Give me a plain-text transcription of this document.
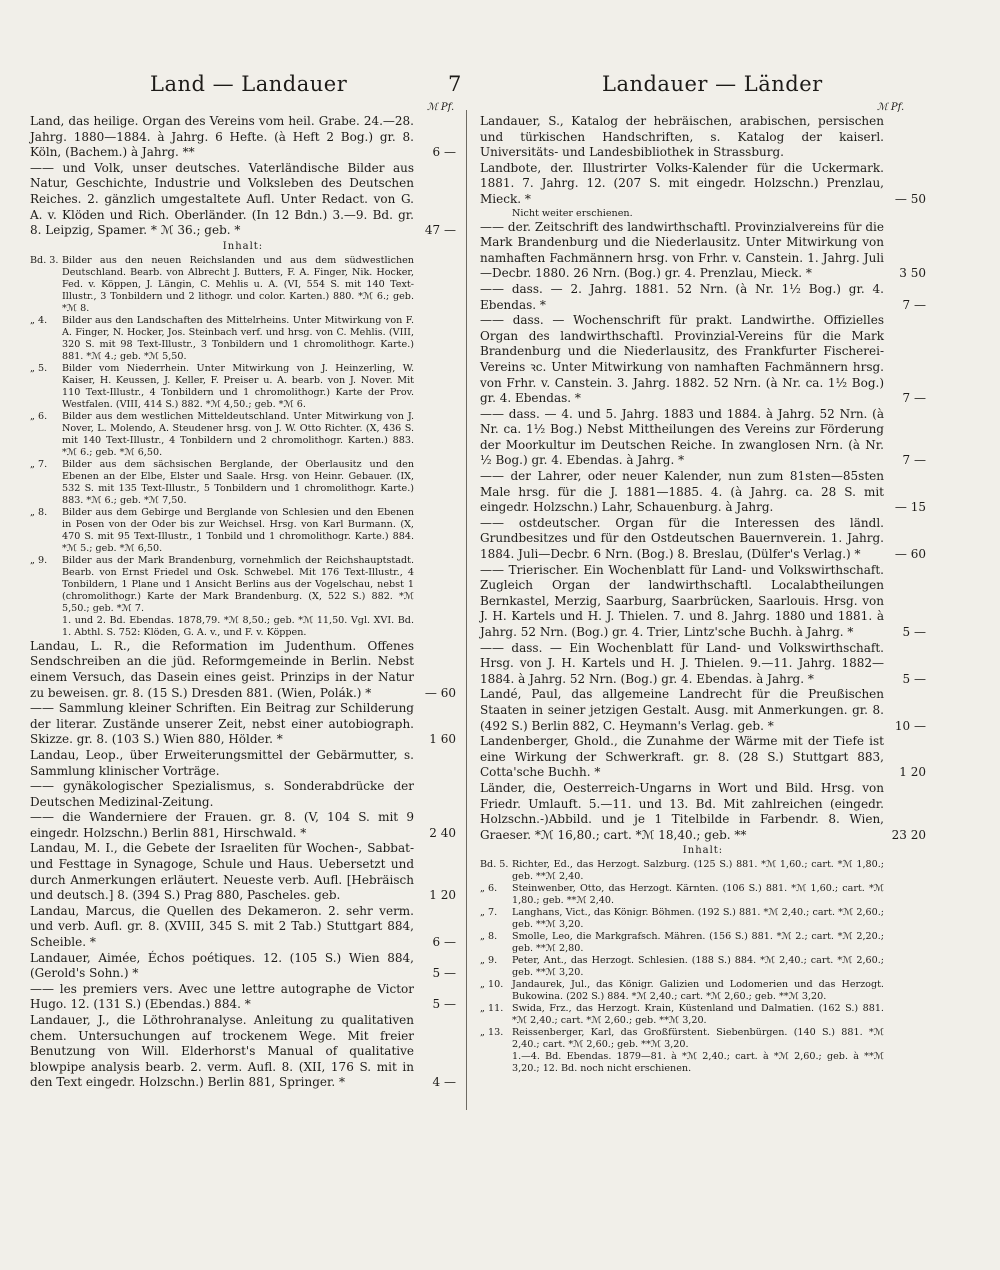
Land — Landauer	7	Landauer — Länder
ℳ Pf.	ℳ Pf.
Land, das heilige. Organ des Vereins vom heil. Grabe. 24.—28. Jahrg. 1880—1884. à Jahrg. 6 Hefte. (à Heft 2 Bog.) gr. 8. Köln, (Bachem.) à Jahrg. **	6 —
—— und Volk, unser deutsches. Vaterländische Bilder aus Natur, Geschichte, Industrie und Volksleben des Deutschen Reiches. 2. gänzlich umgestaltete Aufl. Unter Redact. von G. A. v. Klöden und Rich. Oberländer. (In 12 Bdn.) 3.—9. Bd. gr. 8. Leipzig, Spamer. * ℳ 36.; geb. *	47 —
Inhalt:
Bd. 3. Bilder aus den neuen Reichslanden und aus dem südwestlichen Deutschland. Bearb. von Albrecht J. Butters, F. A. Finger, Nik. Hocker, Fed. v. Köppen, J. Längin, C. Mehlis u. A. (VI, 554 S. mit 140 Text-Illustr., 3 Tonbildern und 2 lithogr. und color. Karten.) 880. *ℳ 6.; geb. *ℳ 8.
„ 4.	Bilder aus den Landschaften des Mittelrheins. Unter Mitwirkung von F. A. Finger, N. Hocker, Jos. Steinbach verf. und hrsg. von C. Mehlis. (VIII, 320 S. mit 98 Text-Illustr., 3 Tonbildern und 1 chromolithogr. Karte.) 881. *ℳ 4.; geb. *ℳ 5,50.
„ 5.	Bilder vom Niederrhein. Unter Mitwirkung von J. Heinzerling, W. Kaiser, H. Keussen, J. Keller, F. Preiser u. A. bearb. von J. Nover. Mit 110 Text-Illustr., 4 Tonbildern und 1 chromolithogr.) Karte der Prov. Westfalen. (VIII, 414 S.) 882. *ℳ 4,50.; geb. *ℳ 6.
„ 6.	Bilder aus dem westlichen Mitteldeutschland. Unter Mitwirkung von J. Nover, L. Molendo, A. Steudener hrsg. von J. W. Otto Richter. (X, 436 S. mit 140 Text-Illustr., 4 Tonbildern und 2 chromolithogr. Karten.) 883. *ℳ 6.; geb. *ℳ 6,50.
„ 7.	Bilder aus dem sächsischen Berglande, der Oberlausitz und den Ebenen an der Elbe, Elster und Saale. Hrsg. von Heinr. Gebauer. (IX, 532 S. mit 135 Text-Illustr., 5 Tonbildern und 1 chromolithogr. Karte.) 883. *ℳ 6.; geb. *ℳ 7,50.
„ 8.	Bilder aus dem Gebirge und Berglande von Schlesien und den Ebenen in Posen von der Oder bis zur Weichsel. Hrsg. von Karl Burmann. (X, 470 S. mit 95 Text-Illustr., 1 Tonbild und 1 chromolithogr. Karte.) 884. *ℳ 5.; geb. *ℳ 6,50.
„ 9.	Bilder aus der Mark Brandenburg, vornehmlich der Reichshauptstadt. Bearb. von Ernst Friedel und Osk. Schwebel. Mit 176 Text-Illustr., 4 Tonbildern, 1 Plane und 1 Ansicht Berlins aus der Vogelschau, nebst 1 (chromolithogr.) Karte der Mark Brandenburg. (X, 522 S.) 882. *ℳ 5,50.; geb. *ℳ 7.
1. und 2. Bd. Ebendas. 1878,79. *ℳ 8,50.; geb. *ℳ 11,50. Vgl. XVI. Bd. 1. Abthl. S. 752: Klöden, G. A. v., und F. v. Köppen.
Landau, L. R., die Reformation im Judenthum. Offenes Sendschreiben an die jüd. Reformgemeinde in Berlin. Nebst einem Versuch, das Dasein eines geist. Prinzips in der Natur zu beweisen. gr. 8. (15 S.) Dresden 881. (Wien, Polák.) *	— 60
—— Sammlung kleiner Schriften. Ein Beitrag zur Schilderung der literar. Zustände unserer Zeit, nebst einer autobiograph. Skizze. gr. 8. (103 S.) Wien 880, Hölder. *	1 60
Landau, Leop., über Erweiterungsmittel der Gebärmutter, s. Sammlung klinischer Vorträge.
—— gynäkologischer Spezialismus, s. Sonderabdrücke der Deutschen Medizinal-Zeitung.
—— die Wanderniere der Frauen. gr. 8. (V, 104 S. mit 9 eingedr. Holzschn.) Berlin 881, Hirschwald. *	2 40
Landau, M. I., die Gebete der Israeliten für Wochen-, Sabbat- und Festtage in Synagoge, Schule und Haus. Uebersetzt und durch Anmerkungen erläutert. Neueste verb. Aufl. [Hebräisch und deutsch.] 8. (394 S.) Prag 880, Pascheles. geb.	1 20
Landau, Marcus, die Quellen des Dekameron. 2. sehr verm. und verb. Aufl. gr. 8. (XVIII, 345 S. mit 2 Tab.) Stuttgart 884, Scheible. *	6 —
Landauer, Aimée, Échos poétiques. 12. (105 S.) Wien 884, (Gerold's Sohn.) *	5 —
—— les premiers vers. Avec une lettre autographe de Victor Hugo. 12. (131 S.) (Ebendas.) 884. *	5 —
Landauer, J., die Löthrohranalyse. Anleitung zu qualitativen chem. Untersuchungen auf trockenem Wege. Mit freier Benutzung von Will. Elderhorst's Manual of qualitative blowpipe analysis bearb. 2. verm. Aufl. 8. (XII, 176 S. mit in den Text eingedr. Holzschn.) Berlin 881, Springer. *	4 —
Landauer, S., Katalog der hebräischen, arabischen, persischen und türkischen Handschriften, s. Katalog der kaiserl. Universitäts- und Landesbibliothek in Strassburg.
Landbote, der. Illustrirter Volks-Kalender für die Uckermark. 1881. 7. Jahrg. 12. (207 S. mit eingedr. Holzschn.) Prenzlau, Mieck. *	— 50
Nicht weiter erschienen.
—— der. Zeitschrift des landwirthschaftl. Provinzialvereins für die Mark Brandenburg und die Niederlausitz. Unter Mitwirkung von namhaften Fachmännern hrsg. von Frhr. v. Canstein. 1. Jahrg. Juli—Decbr. 1880. 26 Nrn. (Bog.) gr. 4. Prenzlau, Mieck. *	3 50
—— dass. — 2. Jahrg. 1881. 52 Nrn. (à Nr. 1½ Bog.) gr. 4. Ebendas. *	7 —
—— dass. — Wochenschrift für prakt. Landwirthe. Offizielles Organ des landwirthschaftl. Provinzial-Vereins für die Mark Brandenburg und die Niederlausitz, des Frankfurter Fischerei-Vereins ꝛc. Unter Mitwirkung von namhaften Fachmännern hrsg. von Frhr. v. Canstein. 3. Jahrg. 1882. 52 Nrn. (à Nr. ca. 1½ Bog.) gr. 4. Ebendas. *	7 —
—— dass. — 4. und 5. Jahrg. 1883 und 1884. à Jahrg. 52 Nrn. (à Nr. ca. 1½ Bog.) Nebst Mittheilungen des Vereins zur Förderung der Moorkultur im Deutschen Reiche. In zwanglosen Nrn. (à Nr. ½ Bog.) gr. 4. Ebendas. à Jahrg. *	7 —
—— der Lahrer, oder neuer Kalender, nun zum 81sten—85sten Male hrsg. für die J. 1881—1885. 4. (à Jahrg. ca. 28 S. mit eingedr. Holzschn.) Lahr, Schauenburg. à Jahrg.	— 15
—— ostdeutscher. Organ für die Interessen des ländl. Grundbesitzes und für den Ostdeutschen Bauernverein. 1. Jahrg. 1884. Juli—Decbr. 6 Nrn. (Bog.) 8. Breslau, (Dülfer's Verlag.) *	— 60
—— Trierischer. Ein Wochenblatt für Land- und Volkswirthschaft. Zugleich Organ der landwirthschaftl. Localabtheilungen Bernkastel, Merzig, Saarburg, Saarbrücken, Saarlouis. Hrsg. von J. H. Kartels und H. J. Thielen. 7. und 8. Jahrg. 1880 und 1881. à Jahrg. 52 Nrn. (Bog.) gr. 4. Trier, Lintz'sche Buchh. à Jahrg. *	5 —
—— dass. — Ein Wochenblatt für Land- und Volkswirthschaft. Hrsg. von J. H. Kartels und H. J. Thielen. 9.—11. Jahrg. 1882—1884. à Jahrg. 52 Nrn. (Bog.) gr. 4. Ebendas. à Jahrg. *	5 —
Landé, Paul, das allgemeine Landrecht für die Preußischen Staaten in seiner jetzigen Gestalt. Ausg. mit Anmerkungen. gr. 8. (492 S.) Berlin 882, C. Heymann's Verlag. geb. *	10 —
Landenberger, Ghold., die Zunahme der Wärme mit der Tiefe ist eine Wirkung der Schwerkraft. gr. 8. (28 S.) Stuttgart 883, Cotta'sche Buchh. *	1 20
Länder, die, Oesterreich-Ungarns in Wort und Bild. Hrsg. von Friedr. Umlauft. 5.—11. und 13. Bd. Mit zahlreichen (eingedr. Holzschn.-)Abbild. und je 1 Titelbilde in Farbendr. 8. Wien, Graeser. *ℳ 16,80.; cart. *ℳ 18,40.; geb. **	23 20
Inhalt:
Bd. 5. Richter, Ed., das Herzogt. Salzburg. (125 S.) 881. *ℳ 1,60.; cart. *ℳ 1,80.; geb. **ℳ 2,40.
„ 6.	Steinwenber, Otto, das Herzogt. Kärnten. (106 S.) 881. *ℳ 1,60.; cart. *ℳ 1,80.; geb. **ℳ 2,40.
„ 7.	Langhans, Vict., das Königr. Böhmen. (192 S.) 881. *ℳ 2,40.; cart. *ℳ 2,60.; geb. **ℳ 3,20.
„ 8.	Smolle, Leo, die Markgrafsch. Mähren. (156 S.) 881. *ℳ 2.; cart. *ℳ 2,20.; geb. **ℳ 2,80.
„ 9.	Peter, Ant., das Herzogt. Schlesien. (188 S.) 884. *ℳ 2,40.; cart. *ℳ 2,60.; geb. **ℳ 3,20.
„ 10. Jandaurek, Jul., das Königr. Galizien und Lodomerien und das Herzogt. Bukowina. (202 S.) 884. *ℳ 2,40.; cart. *ℳ 2,60.; geb. **ℳ 3,20.
„ 11. Swida, Frz., das Herzogt. Krain, Küstenland und Dalmatien. (162 S.) 881. *ℳ 2,40.; cart. *ℳ 2,60.; geb. **ℳ 3,20.
„ 13. Reissenberger, Karl, das Großfürstent. Siebenbürgen. (140 S.) 881. *ℳ 2,40.; cart. *ℳ 2,60.; geb. **ℳ 3,20.
1.—4. Bd. Ebendas. 1879—81. à *ℳ 2,40.; cart. à *ℳ 2,60.; geb. à **ℳ 3,20.; 12. Bd. noch nicht erschienen.
